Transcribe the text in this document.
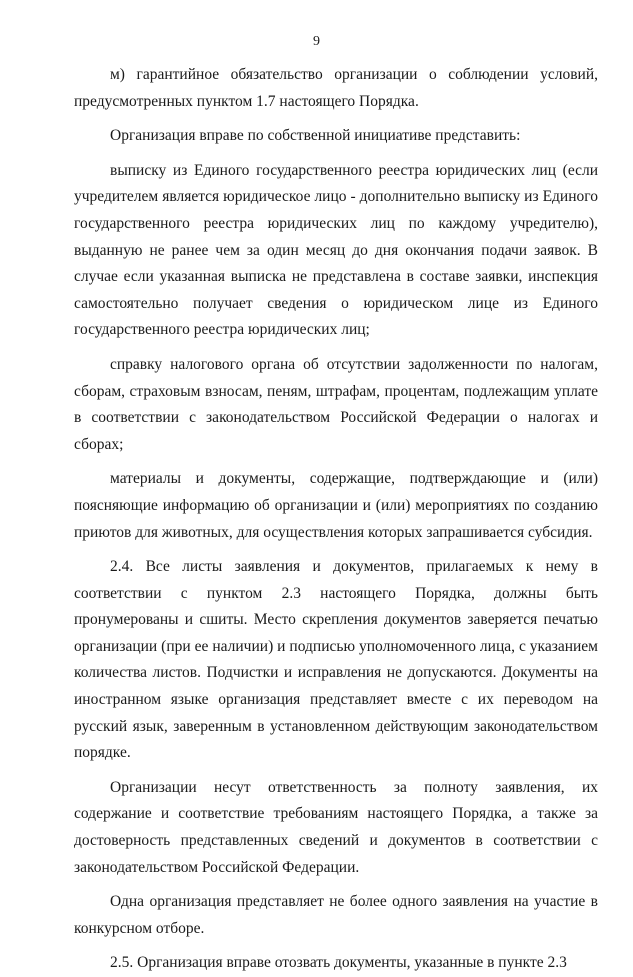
9

м) гарантийное обязательство организации о соблюдении условий, предусмотренных пунктом 1.7 настоящего Порядка.

Организация вправе по собственной инициативе представить:

выписку из Единого государственного реестра юридических лиц (если учредителем является юридическое лицо - дополнительно выписку из Единого государственного реестра юридических лиц по каждому учредителю), выданную не ранее чем за один месяц до дня окончания подачи заявок. В случае если указанная выписка не представлена в составе заявки, инспекция самостоятельно получает сведения о юридическом лице из Единого государственного реестра юридических лиц;

справку налогового органа об отсутствии задолженности по налогам, сборам, страховым взносам, пеням, штрафам, процентам, подлежащим уплате в соответствии с законодательством Российской Федерации о налогах и сборах;

материалы и документы, содержащие, подтверждающие и (или) поясняющие информацию об организации и (или) мероприятиях по созданию приютов для животных, для осуществления которых запрашивается субсидия.

2.4. Все листы заявления и документов, прилагаемых к нему в соответствии с пунктом 2.3 настоящего Порядка, должны быть пронумерованы и сшиты. Место скрепления документов заверяется печатью организации (при ее наличии) и подписью уполномоченного лица, с указанием количества листов. Подчистки и исправления не допускаются. Документы на иностранном языке организация представляет вместе с их переводом на русский язык, заверенным в установленном действующим законодательством порядке.

Организации несут ответственность за полноту заявления, их содержание и соответствие требованиям настоящего Порядка, а также за достоверность представленных сведений и документов в соответствии с законодательством Российской Федерации.

Одна организация представляет не более одного заявления на участие в конкурсном отборе.

2.5. Организация вправе отозвать документы, указанные в пункте 2.3
